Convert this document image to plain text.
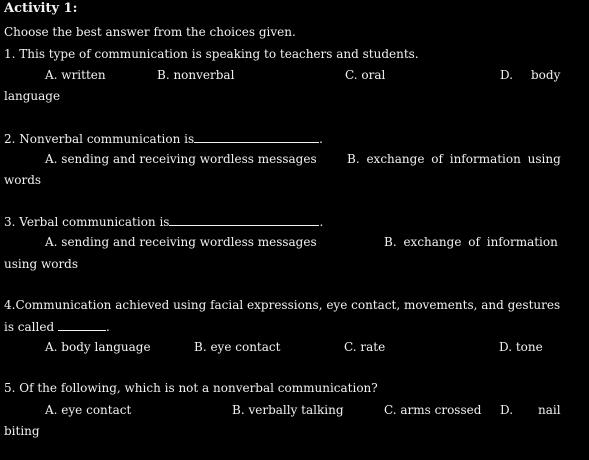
Activity 1:
Choose the best answer from the choices given.
1. This type of communication is speaking to teachers and students.
A. written	B. nonverbal	C. oral	D. body
language
2. Nonverbal communication is	.
A. sending and receiving wordless messages	B. exchange of information using
words
3. Verbal communication is	.
A. sending and receiving wordless messages	B. exchange of information
using words
4.Communication achieved using facial expressions, eye contact, movements, and gestures
is called	.
A. body language	B. eye contact	C. rate	D. tone
5. Of the following, which is not a nonverbal communication?
A. eye contact	B. verbally talking	C. arms crossed D. nail
biting
